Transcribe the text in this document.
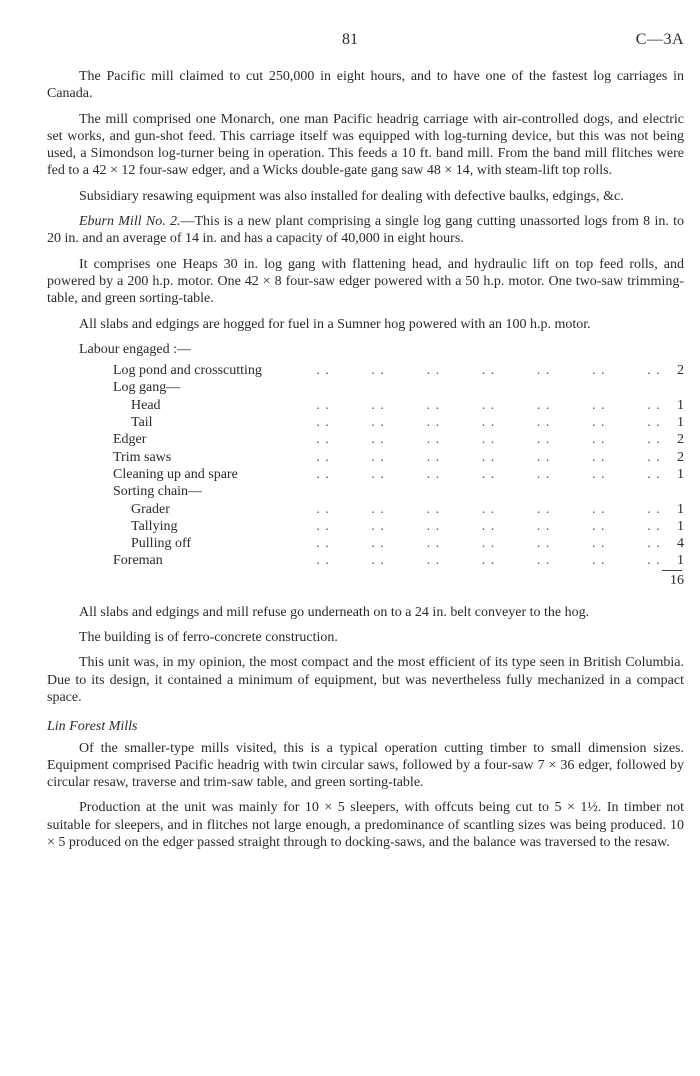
81	C—3A

The Pacific mill claimed to cut 250,000 in eight hours, and to have one of the fastest log carriages in Canada.

The mill comprised one Monarch, one man Pacific headrig carriage with air-controlled dogs, and electric set works, and gun-shot feed. This carriage itself was equipped with log-turning device, but this was not being used, a Simondson log-turner being in operation. This feeds a 10 ft. band mill. From the band mill flitches were fed to a 42 × 12 four-saw edger, and a Wicks double-gate gang saw 48 × 14, with steam-lift top rolls.

Subsidiary resawing equipment was also installed for dealing with defective baulks, edgings, &c.

Eburn Mill No. 2.—This is a new plant comprising a single log gang cutting unassorted logs from 8 in. to 20 in. and an average of 14 in. and has a capacity of 40,000 in eight hours.

It comprises one Heaps 30 in. log gang with flattening head, and hydraulic lift on top feed rolls, and powered by a 200 h.p. motor. One 42 × 8 four-saw edger powered with a 50 h.p. motor. One two-saw trimming-table, and green sorting-table.

All slabs and edgings are hogged for fuel in a Sumner hog powered with an 100 h.p. motor.

Labour engaged :—
Log pond and crosscutting	. .	. .	. .	. .	. .	. .	. .	2
Log gang—
Head	. .	. .	. .	. .	. .	. .	. .	1
Tail	. .	. .	. .	. .	. .	. .	. .	1
Edger	. .	. .	. .	. .	. .	. .	. .	2
Trim saws	. .	. .	. .	. .	. .	. .	. .	2
Cleaning up and spare	. .	. .	. .	. .	. .	. .	. .	1
Sorting chain—
Grader	. .	. .	. .	. .	. .	. .	. .	1
Tallying	. .	. .	. .	. .	. .	. .	. .	1
Pulling off	. .	. .	. .	. .	. .	. .	. .	4
Foreman	. .	. .	. .	. .	. .	. .	. .	1
16

All slabs and edgings and mill refuse go underneath on to a 24 in. belt conveyer to the hog.

The building is of ferro-concrete construction.

This unit was, in my opinion, the most compact and the most efficient of its type seen in British Columbia. Due to its design, it contained a minimum of equipment, but was nevertheless fully mechanized in a compact space.

Lin Forest Mills

Of the smaller-type mills visited, this is a typical operation cutting timber to small dimension sizes. Equipment comprised Pacific headrig with twin circular saws, followed by a four-saw 7 × 36 edger, followed by circular resaw, traverse and trim-saw table, and green sorting-table.

Production at the unit was mainly for 10 × 5 sleepers, with offcuts being cut to 5 × 1½. In timber not suitable for sleepers, and in flitches not large enough, a predominance of scantling sizes was being produced. 10 × 5 produced on the edger passed straight through to docking-saws, and the balance was traversed to the resaw.
